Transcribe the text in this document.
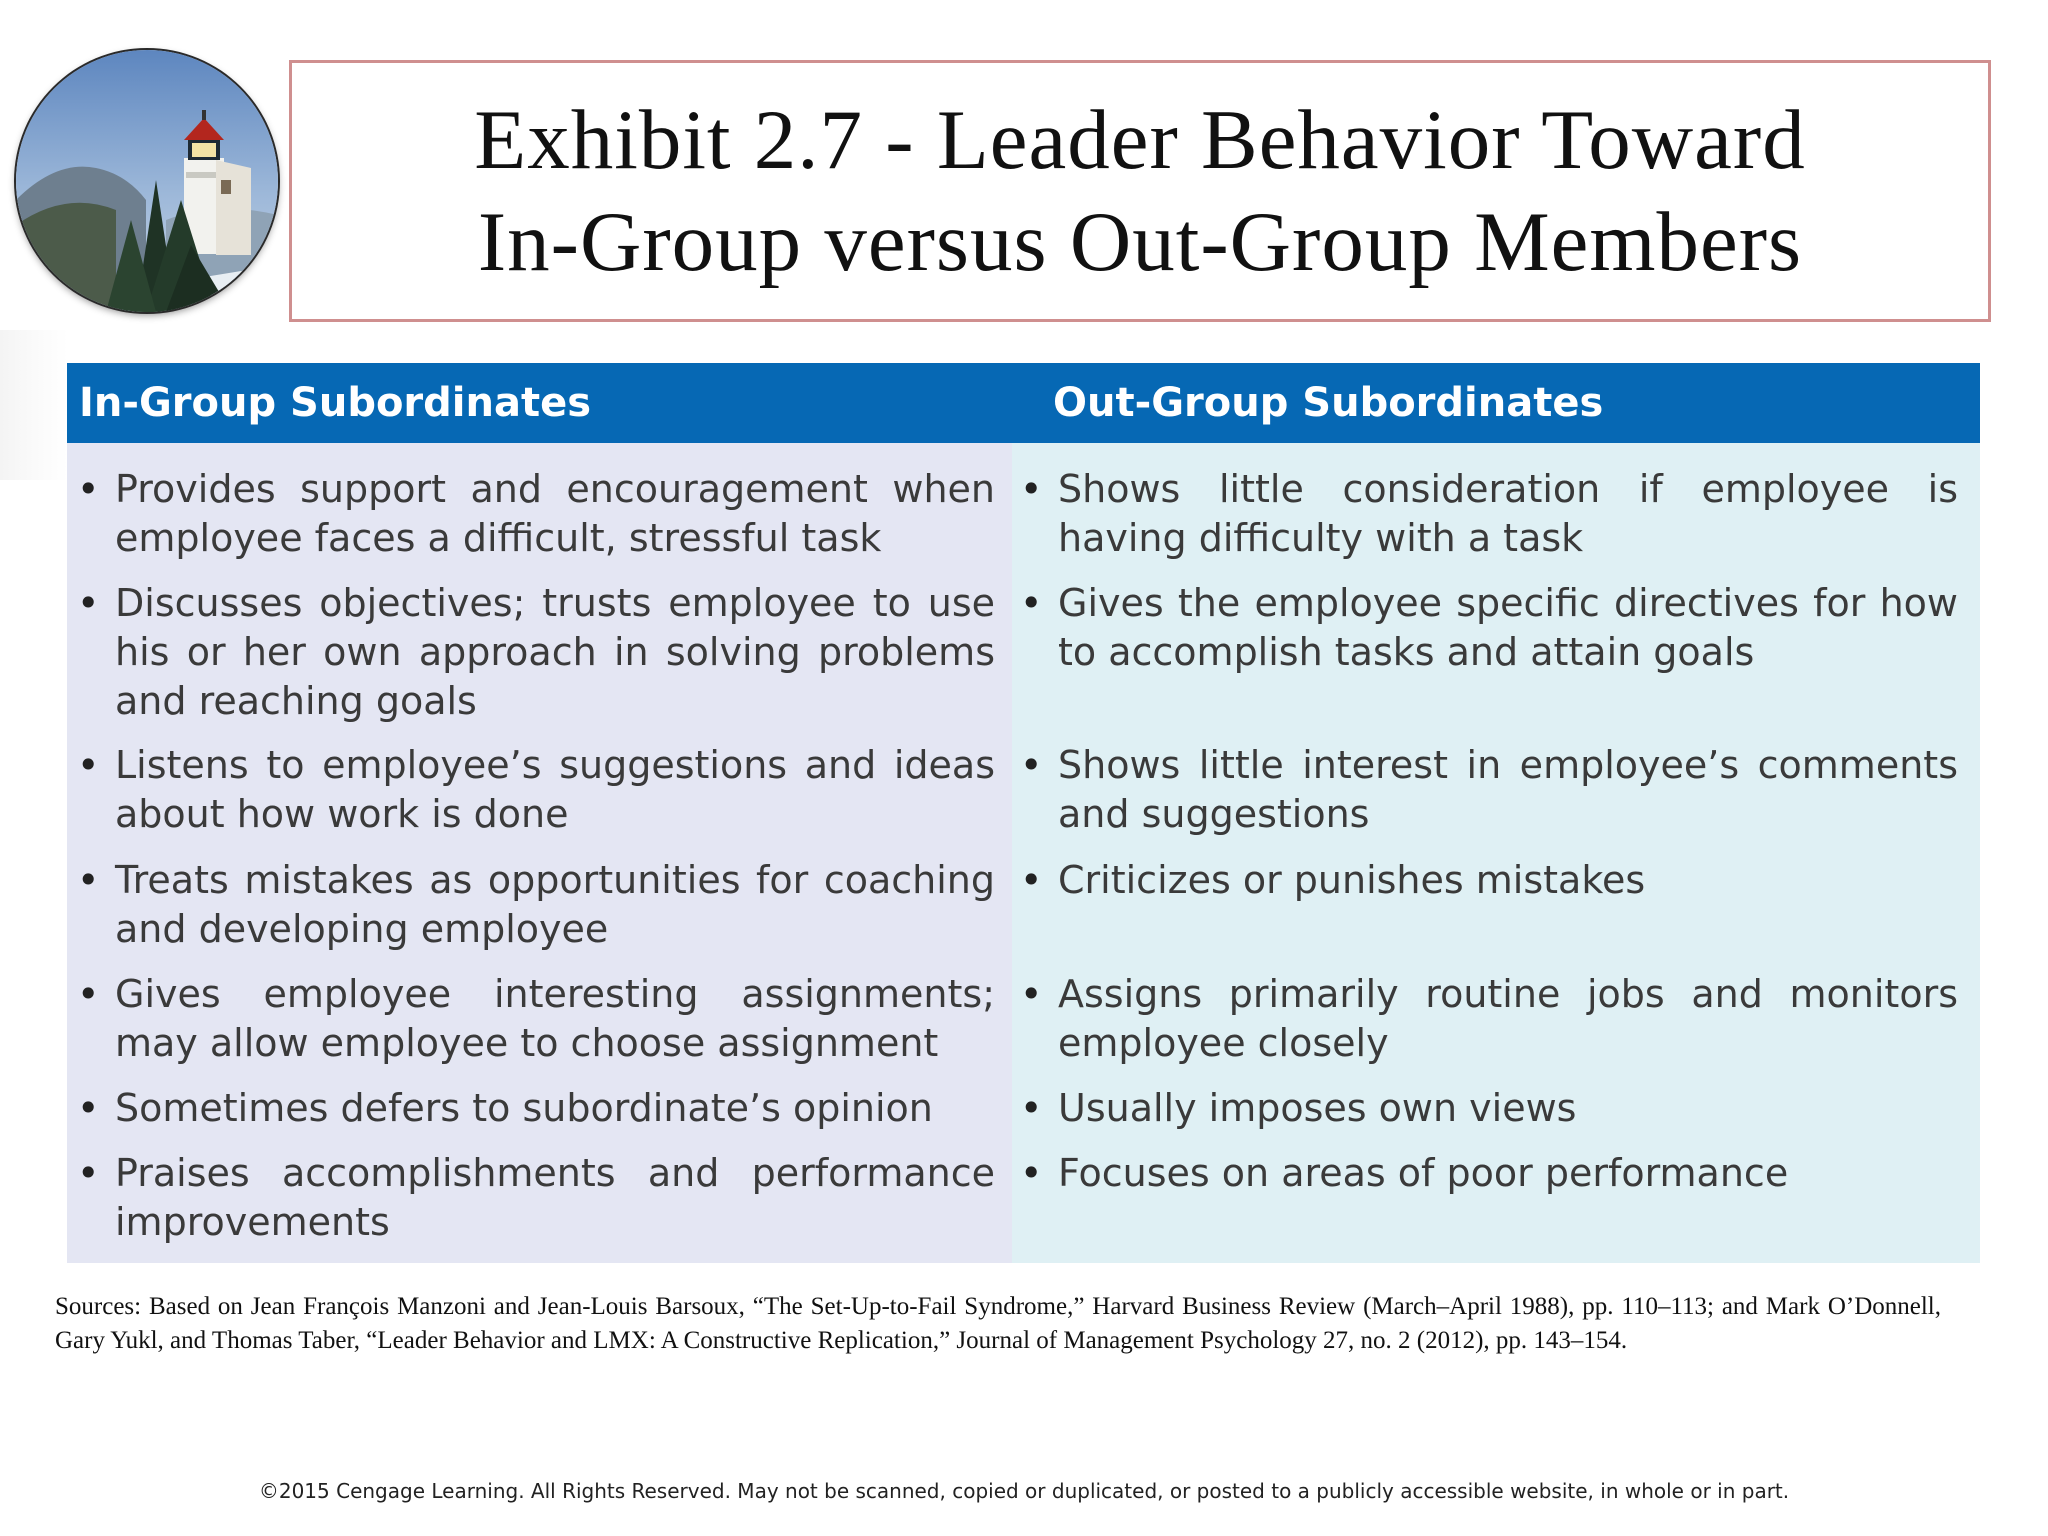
Exhibit 2.7 - Leader Behavior Toward
In-Group versus Out-Group Members
In-Group Subordinates	Out-Group Subordinates
• Provides support and encouragement when employee faces a difficult, stressful task
• Discusses objectives; trusts employee to use his or her own approach in solving problems and reaching goals
• Listens to employee’s suggestions and ideas about how work is done
• Treats mistakes as opportunities for coaching and developing employee
• Gives employee interesting assignments; may allow employee to choose assignment
• Sometimes defers to subordinate’s opinion
• Praises accomplishments and performance improvements
• Shows little consideration if employee is having difficulty with a task
• Gives the employee specific directives for how to accomplish tasks and attain goals
• Shows little interest in employee’s comments and suggestions
• Criticizes or punishes mistakes
• Assigns primarily routine jobs and monitors employee closely
• Usually imposes own views
• Focuses on areas of poor performance
Sources: Based on Jean François Manzoni and Jean-Louis Barsoux, “The Set-Up-to-Fail Syndrome,” Harvard Business Review (March–April 1988), pp. 110–113; and Mark O’Donnell, Gary Yukl, and Thomas Taber, “Leader Behavior and LMX: A Constructive Replication,” Journal of Management Psychology 27, no. 2 (2012), pp. 143–154.
©2015 Cengage Learning. All Rights Reserved. May not be scanned, copied or duplicated, or posted to a publicly accessible website, in whole or in part.
